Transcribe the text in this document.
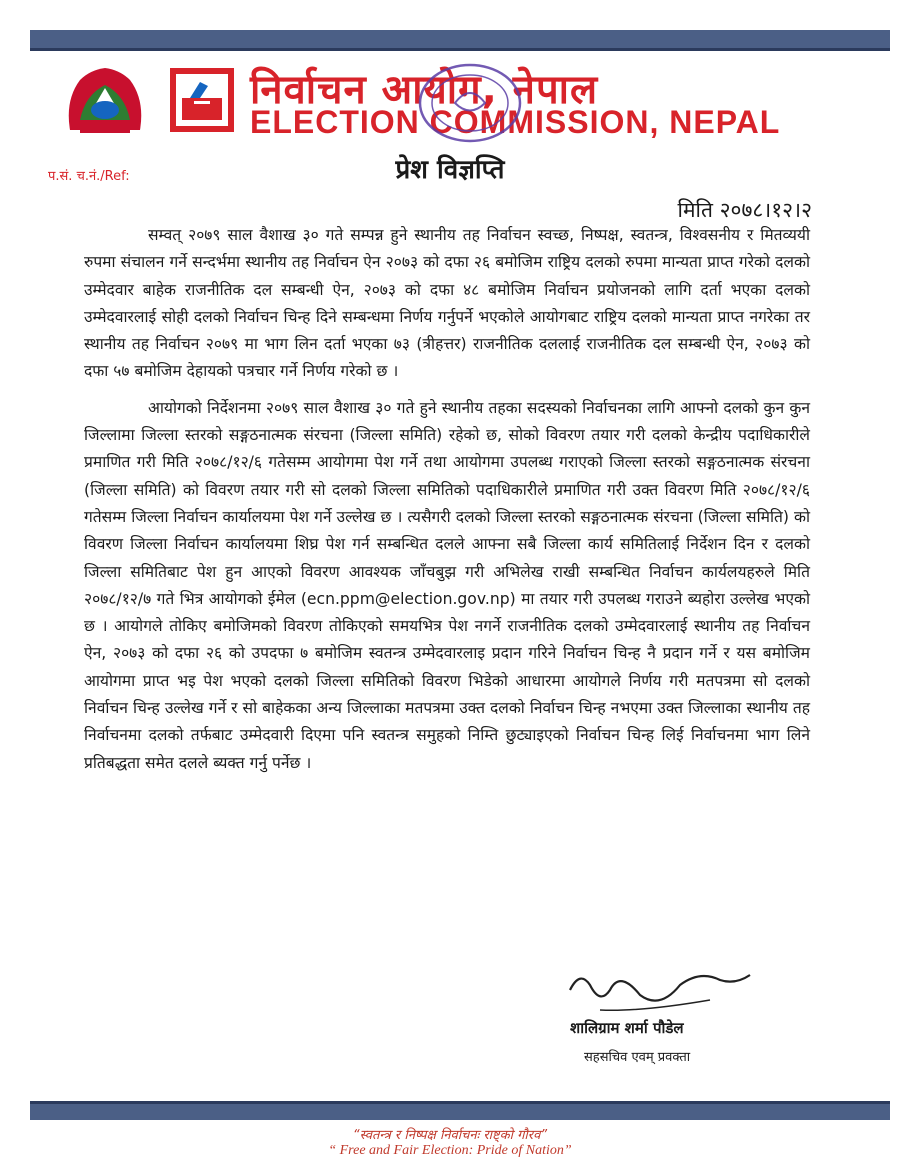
निर्वाचन आयोग, नेपाल
ELECTION COMMISSION, NEPAL
प.सं. च.नं./Ref:	प्रेश विज्ञप्ति
मिति २०७८।१२।२

सम्वत् २०७९ साल वैशाख ३० गते सम्पन्न हुने स्थानीय तह निर्वाचन स्वच्छ, निष्पक्ष, स्वतन्त्र, विश्वसनीय र मितव्ययी रुपमा संचालन गर्ने सन्दर्भमा स्थानीय तह निर्वाचन ऐन २०७३ को दफा २६ बमोजिम राष्ट्रिय दलको रुपमा मान्यता प्राप्त गरेको दलको उम्मेदवार बाहेक राजनीतिक दल सम्बन्धी ऐन, २०७३ को दफा ४८ बमोजिम निर्वाचन प्रयोजनको लागि दर्ता भएका दलको उम्मेदवारलाई सोही दलको निर्वाचन चिन्ह दिने सम्बन्धमा निर्णय गर्नुपर्ने भएकोले आयोगबाट राष्ट्रिय दलको मान्यता प्राप्त नगरेका तर स्थानीय तह निर्वाचन २०७९ मा भाग लिन दर्ता भएका ७३ (त्रीहत्तर) राजनीतिक दललाई राजनीतिक दल सम्बन्धी ऐन, २०७३ को दफा ५७ बमोजिम देहायको पत्रचार गर्ने निर्णय गरेको छ ।

आयोगको निर्देशनमा २०७९ साल वैशाख ३० गते हुने स्थानीय तहका सदस्यको निर्वाचनका लागि आफ्नो दलको कुन कुन जिल्लामा जिल्ला स्तरको सङ्गठनात्मक संरचना (जिल्ला समिति) रहेको छ, सोको विवरण तयार गरी दलको केन्द्रीय पदाधिकारीले प्रमाणित गरी मिति २०७८/१२/६ गतेसम्म आयोगमा पेश गर्ने तथा आयोगमा उपलब्ध गराएको जिल्ला स्तरको सङ्गठनात्मक संरचना (जिल्ला समिति) को विवरण तयार गरी सो दलको जिल्ला समितिको पदाधिकारीले प्रमाणित गरी उक्त विवरण मिति २०७८/१२/६ गतेसम्म जिल्ला निर्वाचन कार्यालयमा पेश गर्ने उल्लेख छ । त्यसैगरी दलको जिल्ला स्तरको सङ्गठनात्मक संरचना (जिल्ला समिति) को विवरण जिल्ला निर्वाचन कार्यालयमा शिघ्र पेश गर्न सम्बन्धित दलले आफ्ना सबै जिल्ला कार्य समितिलाई निर्देशन दिन र दलको जिल्ला समितिबाट पेश हुन आएको विवरण आवश्यक जाँचबुझ गरी अभिलेख राखी सम्बन्धित निर्वाचन कार्यलयहरुले मिति २०७८/१२/७ गते भित्र आयोगको ईमेल (ecn.ppm@election.gov.np) मा तयार गरी उपलब्ध गराउने ब्यहोरा उल्लेख भएको छ । आयोगले तोकिए बमोजिमको विवरण तोकिएको समयभित्र पेश नगर्ने राजनीतिक दलको उम्मेदवारलाई स्थानीय तह निर्वाचन ऐन, २०७३ को दफा २६ को उपदफा ७ बमोजिम स्वतन्त्र उम्मेदवारलाइ प्रदान गरिने निर्वाचन चिन्ह नै प्रदान गर्ने र यस बमोजिम आयोगमा प्राप्त भइ पेश भएको दलको जिल्ला समितिको विवरण भिडेको आधारमा आयोगले निर्णय गरी मतपत्रमा सो दलको निर्वाचन चिन्ह उल्लेख गर्ने र सो बाहेकका अन्य जिल्लाका मतपत्रमा उक्त दलको निर्वाचन चिन्ह नभएमा उक्त जिल्लाका स्थानीय तह निर्वाचनमा दलको तर्फबाट उम्मेदवारी दिएमा पनि स्वतन्त्र समुहको निम्ति छुट्याइएको निर्वाचन चिन्ह लिई निर्वाचनमा भाग लिने प्रतिबद्धता समेत दलले ब्यक्त गर्नु पर्नेछ ।

शालिग्राम शर्मा पौडेल
सहसचिव एवम् प्रवक्ता
“स्वतन्त्र र निष्पक्ष निर्वाचनः राष्ट्को गौरव”
“ Free and Fair Election: Pride of Nation”
